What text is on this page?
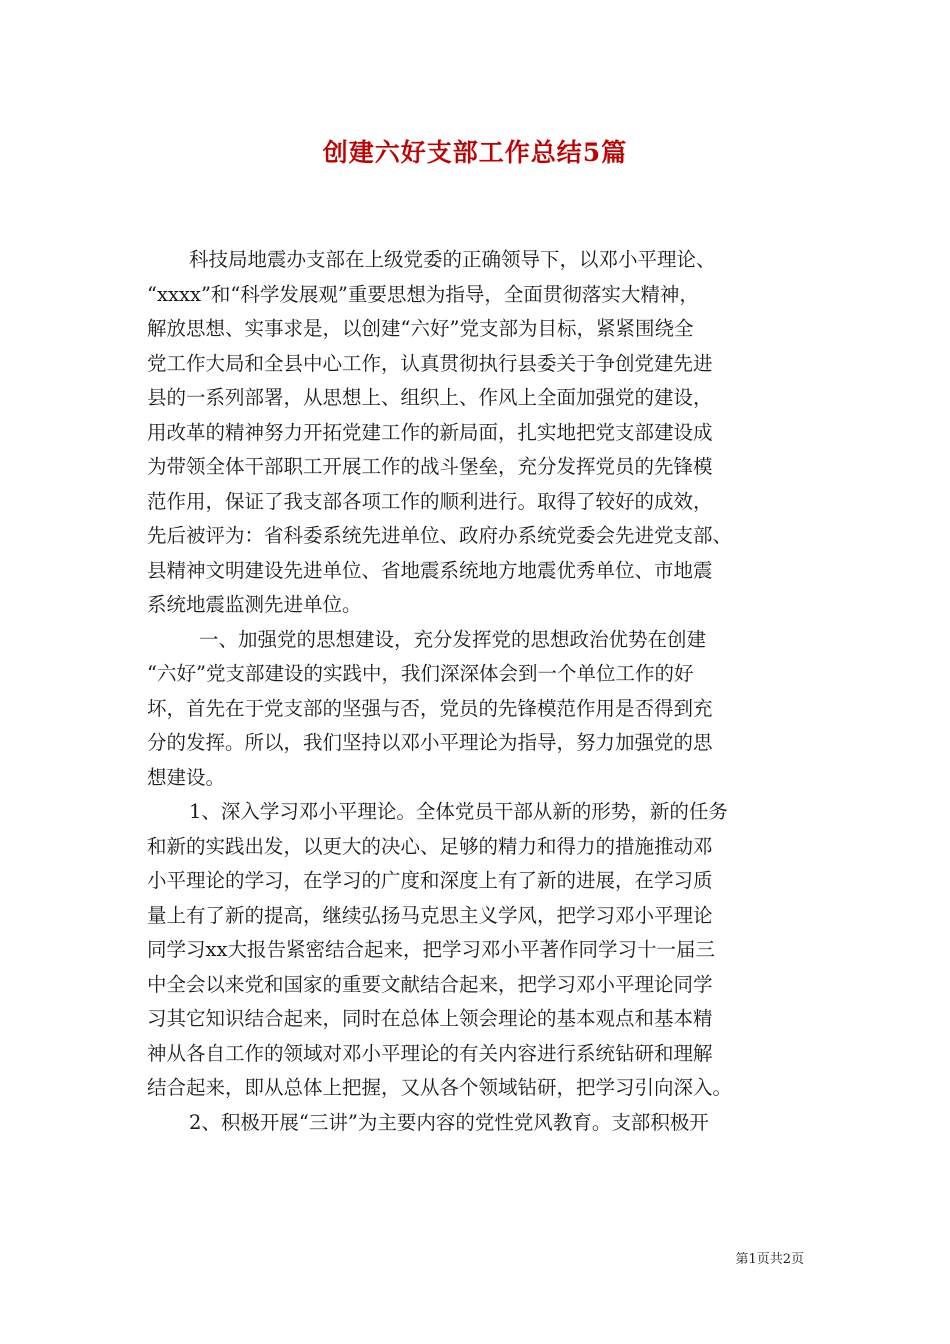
创建六好支部工作总结5篇
科技局地震办支部在上级党委的正确领导下，以邓小平理论、
“xxxx”和“科学发展观”重要思想为指导，全面贯彻落实大精神，
解放思想、实事求是，以创建“六好”党支部为目标，紧紧围绕全
党工作大局和全县中心工作，认真贯彻执行县委关于争创党建先进
县的一系列部署，从思想上、组织上、作风上全面加强党的建设，
用改革的精神努力开拓党建工作的新局面，扎实地把党支部建设成
为带领全体干部职工开展工作的战斗堡垒，充分发挥党员的先锋模
范作用，保证了我支部各项工作的顺利进行。取得了较好的成效，
先后被评为：省科委系统先进单位、政府办系统党委会先进党支部、
县精神文明建设先进单位、省地震系统地方地震优秀单位、市地震
系统地震监测先进单位。
一、加强党的思想建设，充分发挥党的思想政治优势在创建
“六好”党支部建设的实践中，我们深深体会到一个单位工作的好
坏，首先在于党支部的坚强与否，党员的先锋模范作用是否得到充
分的发挥。所以，我们坚持以邓小平理论为指导，努力加强党的思
想建设。
1、深入学习邓小平理论。全体党员干部从新的形势，新的任务
和新的实践出发，以更大的决心、足够的精力和得力的措施推动邓
小平理论的学习，在学习的广度和深度上有了新的进展，在学习质
量上有了新的提高，继续弘扬马克思主义学风，把学习邓小平理论
同学习xx大报告紧密结合起来，把学习邓小平著作同学习十一届三
中全会以来党和国家的重要文献结合起来，把学习邓小平理论同学
习其它知识结合起来，同时在总体上领会理论的基本观点和基本精
神从各自工作的领域对邓小平理论的有关内容进行系统钻研和理解
结合起来，即从总体上把握，又从各个领域钻研，把学习引向深入。
2、积极开展“三讲”为主要内容的党性党风教育。支部积极开
第1页共2页
